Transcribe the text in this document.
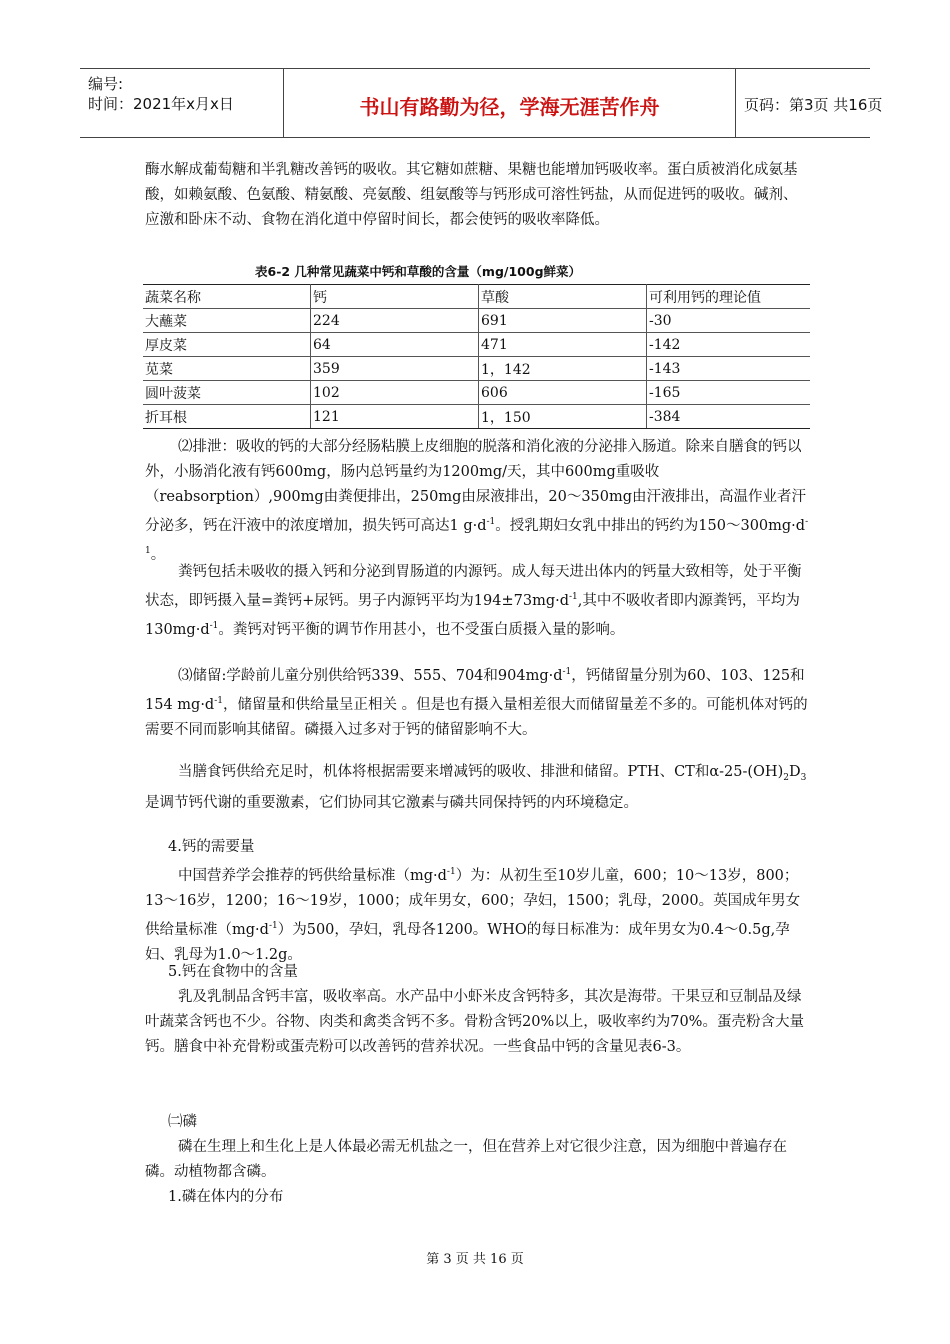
编号:
时间：2021年x月x日	书山有路勤为径，学海无涯苦作舟	页码：第3页 共16页

酶水解成葡萄糖和半乳糖改善钙的吸收。其它糖如蔗糖、果糖也能增加钙吸收率。蛋白质被消化成氨基酸，如赖氨酸、色氨酸、精氨酸、亮氨酸、组氨酸等与钙形成可溶性钙盐，从而促进钙的吸收。碱剂、应激和卧床不动、食物在消化道中停留时间长，都会使钙的吸收率降低。

表6-2 几种常见蔬菜中钙和草酸的含量（mg/100g鲜菜）
蔬菜名称	钙	草酸	可利用钙的理论值
大蘸菜	224	691	-30
厚皮菜	64	471	-142
苋菜	359	1，142	-143
圆叶菠菜	102	606	-165
折耳根	121	1，150	-384

⑵排泄：吸收的钙的大部分经肠粘膜上皮细胞的脱落和消化液的分泌排入肠道。除来自膳食的钙以外，小肠消化液有钙600mg，肠内总钙量约为1200mg/天，其中600mg重吸收（reabsorption）,900mg由粪便排出，250mg由尿液排出，20～350mg由汗液排出，高温作业者汗分泌多，钙在汗液中的浓度增加，损失钙可高达1 $g\cdot d^{-1}$。授乳期妇女乳中排出的钙约为$150\sim 300mg\cdot d^{-1}$。

粪钙包括未吸收的摄入钙和分泌到胃肠道的内源钙。成人每天进出体内的钙量大致相等，处于平衡状态，即钙摄入量=粪钙+尿钙。男子内源钙平均为$194\pm 73mg\cdot d^{-1}$,其中不吸收者即内源粪钙，平均为$130mg\cdot d^{-1}$。粪钙对钙平衡的调节作用甚小，也不受蛋白质摄入量的影响。

⑶储留:学龄前儿童分别供给钙339、555、704和$904mg\cdot d^{-1}$，钙储留量分别为60、103、125和154 $mg\cdot d^{-1}$，储留量和供给量呈正相关 。但是也有摄入量相差很大而储留量差不多的。可能机体对钙的需要不同而影响其储留。磷摄入过多对于钙的储留影响不大。

当膳食钙供给充足时，机体将根据需要来增减钙的吸收、排泄和储留。PTH、CT和$\alpha-25-(OH)_2D_3$是调节钙代谢的重要激素，它们协同其它激素与磷共同保持钙的内环境稳定。

4.钙的需要量

中国营养学会推荐的钙供给量标准$(mg\cdot d^{-1})$为：从初生至10岁儿童，600；10～13岁，800；13～16岁，1200；16～19岁，1000；成年男女，600；孕妇，1500；乳母，2000。英国成年男女供给量标准$(mg\cdot d^{-1})$为500，孕妇，乳母各1200。WHO的每日标准为：成年男女为0.4～0.5g,孕妇、乳母为1.0～1.2g。

5.钙在食物中的含量

乳及乳制品含钙丰富，吸收率高。水产品中小虾米皮含钙特多，其次是海带。干果豆和豆制品及绿叶蔬菜含钙也不少。谷物、肉类和禽类含钙不多。骨粉含钙20%以上，吸收率约为70%。蛋壳粉含大量钙。膳食中补充骨粉或蛋壳粉可以改善钙的营养状况。一些食品中钙的含量见表6-3。

㈡磷

磷在生理上和生化上是人体最必需无机盐之一，但在营养上对它很少注意，因为细胞中普遍存在磷。动植物都含磷。

1.磷在体内的分布

第 3 页 共 16 页
